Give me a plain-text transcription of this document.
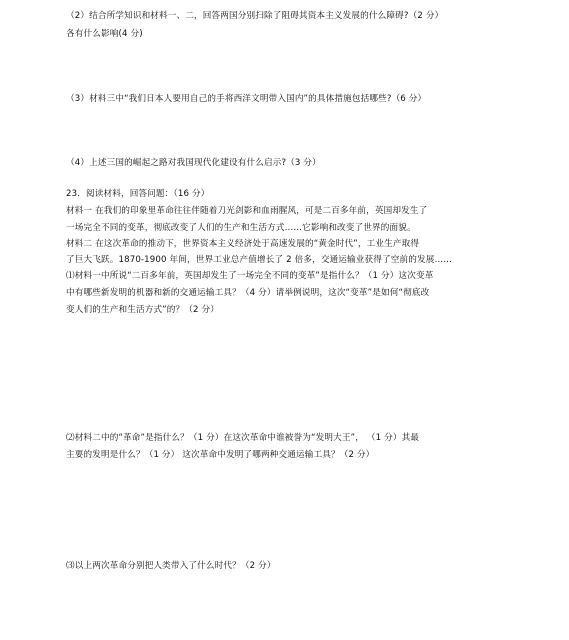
（2）结合所学知识和材料一、二，回答两国分别扫除了阻碍其资本主义发展的什么障碍?（2 分）
各有什么影响(4 分)
（3）材料三中“我们日本人要用自己的手将西洋文明带入国内”的具体措施包括哪些?（6 分）
（4）上述三国的崛起之路对我国现代化建设有什么启示?（3 分）
23．阅读材料，回答问题：（16 分）
材料一 在我们的印象里革命往往伴随着刀光剑影和血雨腥风，可是二百多年前，英国却发生了
一场完全不同的变革，彻底改变了人们的生产和生活方式……它影响和改变了世界的面貌。
材料二 在这次革命的推动下，世界资本主义经济处于高速发展的“黄金时代”，工业生产取得
了巨大飞跃。1870-1900 年间，世界工业总产值增长了 2 倍多，交通运输业获得了空前的发展……
⑴材料一中所说“二百多年前，英国却发生了一场完全不同的变革”是指什么？（1 分）这次变革
中有哪些新发明的机器和新的交通运输工具？（4 分）请举例说明，这次“变革”是如何“彻底改
变人们的生产和生活方式”的？（2 分）
⑵材料二中的“革命”是指什么？（1 分）在这次革命中谁被誉为“发明大王”， （1 分）其最
主要的发明是什么？（1 分） 这次革命中发明了哪两种交通运输工具？（2 分）
⑶以上两次革命分别把人类带入了什么时代？（2 分）
